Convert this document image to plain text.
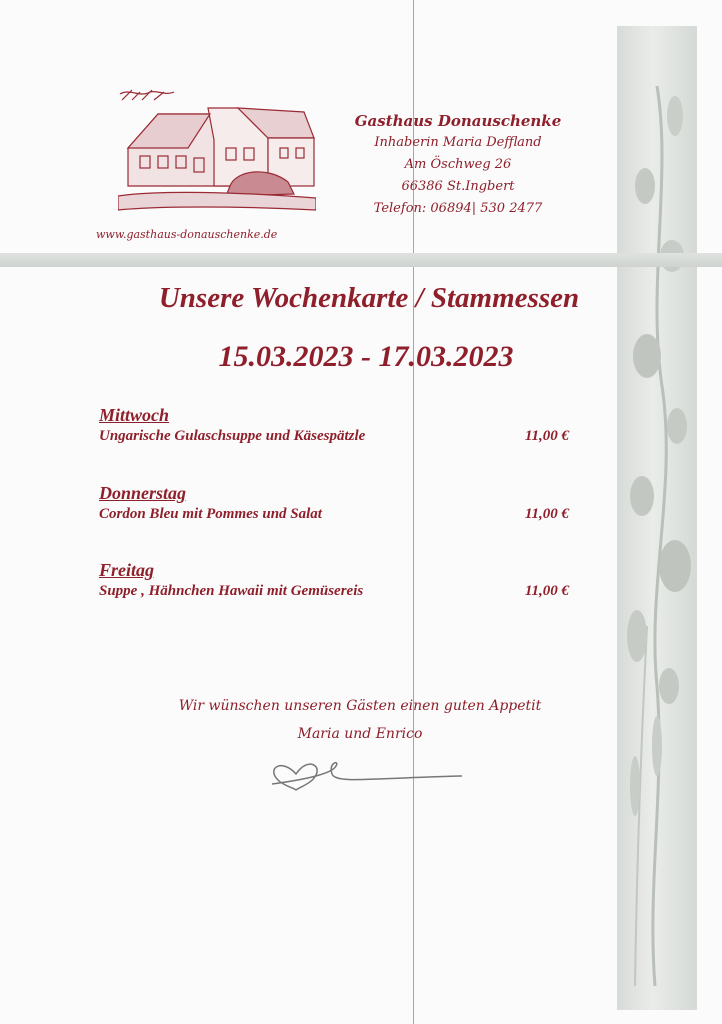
www.gasthaus-donauschenke.de
Gasthaus Donauschenke
Inhaberin Maria Deffland
Am Öschweg 26
66386 St.Ingbert
Telefon: 06894| 530 2477
Unsere Wochenkarte / Stammessen
15.03.2023 - 17.03.2023
Mittwoch
Ungarische Gulaschsuppe und Käsespätzle	11,00 €
Donnerstag
Cordon Bleu mit Pommes und Salat	11,00 €
Freitag
Suppe , Hähnchen Hawaii mit Gemüsereis	11,00 €
Wir wünschen unseren Gästen einen guten Appetit
Maria und Enrico
